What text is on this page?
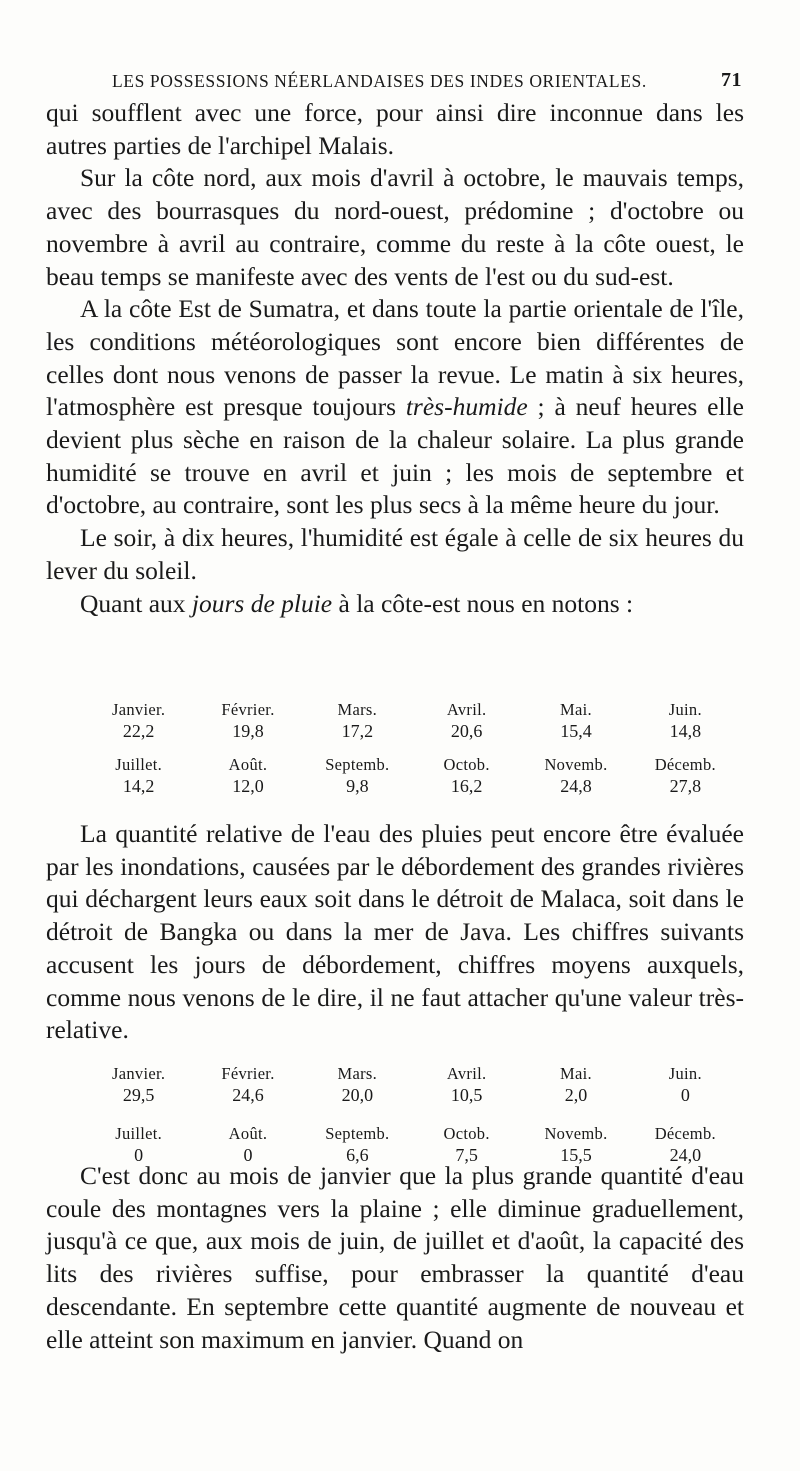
LES POSSESSIONS NÉERLANDAISES DES INDES ORIENTALES.	71

qui soufflent avec une force, pour ainsi dire inconnue dans les autres parties de l'archipel Malais.

Sur la côte nord, aux mois d'avril à octobre, le mauvais temps, avec des bourrasques du nord-ouest, prédomine ; d'octobre ou novembre à avril au contraire, comme du reste à la côte ouest, le beau temps se manifeste avec des vents de l'est ou du sud-est.

A la côte Est de Sumatra, et dans toute la partie orientale de l'île, les conditions météorologiques sont encore bien différentes de celles dont nous venons de passer la revue. Le matin à six heures, l'atmosphère est presque toujours très-humide ; à neuf heures elle devient plus sèche en raison de la chaleur solaire. La plus grande humidité se trouve en avril et juin ; les mois de septembre et d'octobre, au contraire, sont les plus secs à la même heure du jour.

Le soir, à dix heures, l'humidité est égale à celle de six heures du lever du soleil.

Quant aux jours de pluie à la côte-est nous en notons :

Janvier.	Février.	Mars.	Avril.	Mai.	Juin.
22,2	19,8	17,2	20,6	15,4	14,8
Juillet.	Août.	Septemb.	Octob.	Novemb.	Décemb.
14,2	12,0	9,8	16,2	24,8	27,8

La quantité relative de l'eau des pluies peut encore être évaluée par les inondations, causées par le débordement des grandes rivières qui déchargent leurs eaux soit dans le détroit de Malaca, soit dans le détroit de Bangka ou dans la mer de Java. Les chiffres suivants accusent les jours de débordement, chiffres moyens auxquels, comme nous venons de le dire, il ne faut attacher qu'une valeur très-relative.

Janvier.	Février.	Mars.	Avril.	Mai.	Juin.
29,5	24,6	20,0	10,5	2,0	0
Juillet.	Août.	Septemb.	Octob.	Novemb.	Décemb.
0	0	6,6	7,5	15,5	24,0

C'est donc au mois de janvier que la plus grande quantité d'eau coule des montagnes vers la plaine ; elle diminue graduellement, jusqu'à ce que, aux mois de juin, de juillet et d'août, la capacité des lits des rivières suffise, pour embrasser la quantité d'eau descendante. En septembre cette quantité augmente de nouveau et elle atteint son maximum en janvier. Quand on
